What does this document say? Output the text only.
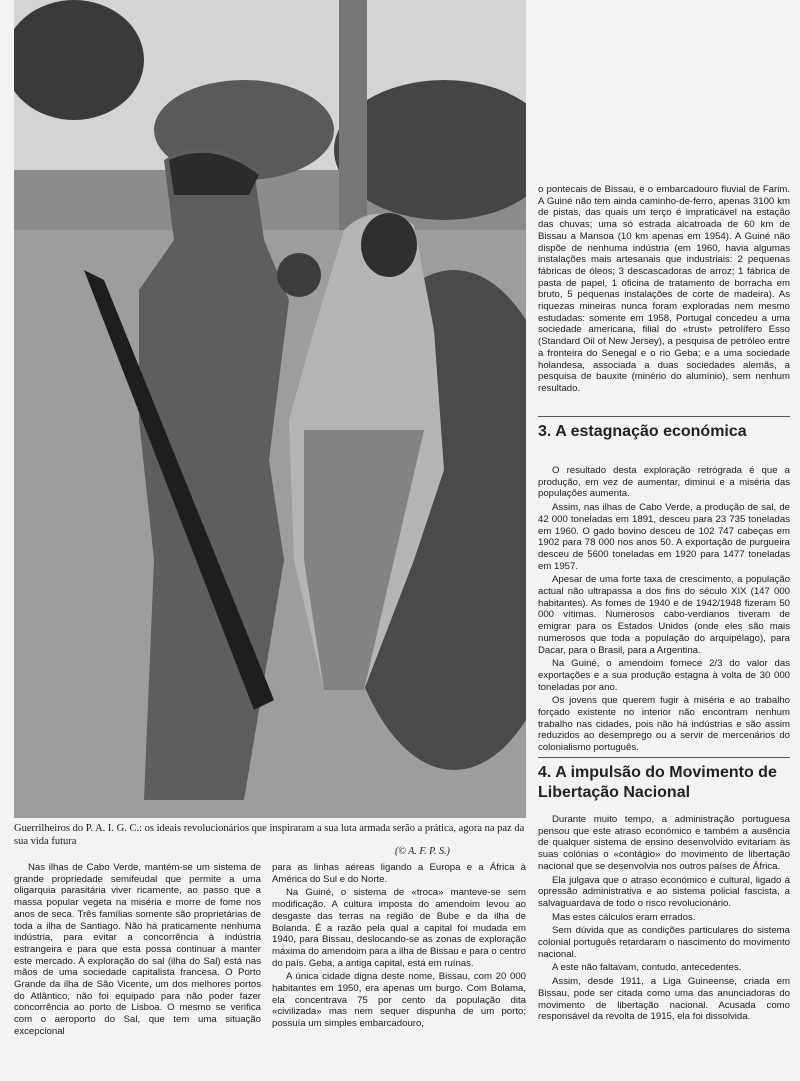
Guerrilheiros do P. A. I. G. C.: os ideais revolucionários que inspiraram a sua luta armada serão a prática, agora na paz da sua vida futura
(© A. F. P. S.)

Nas ilhas de Cabo Verde, mantém-se um sistema de grande propriedade semifeudal que permite a uma oligarquia parasitária viver ricamente, ao passo que a massa popular vegeta na miséria e morre de fome nos anos de seca. Três famílias somente são proprietárias de toda a ilha de Santiago. Não há praticamente nenhuma indústria, para evitar a concorrência à indústria estrangeira e para que esta possa continuar a manter este mercado. A exploração do sal (ilha do Sal) está nas mãos de uma sociedade capitalista francesa. O Porto Grande da ilha de São Vicente, um dos melhores portos do Atlântico, não foi equipado para não poder fazer concorrência ao porto de Lisboa. O mesmo se verifica com o aeroporto do Sal, que tem uma situação excepcional

para as linhas aéreas ligando a Europa e a África à América do Sul e do Norte.

Na Guiné, o sistema de «troca» manteve-se sem modificação. A cultura imposta do amendoim levou ao desgaste das terras na região de Bube e da ilha de Bolanda. É a razão pela qual a capital foi mudada em 1940, para Bissau, deslocando-se as zonas de exploração máxima do amendoim para a ilha de Bissau e para o centro do país. Geba, a antiga capital, está em ruínas.

A única cidade digna deste nome, Bissau, com 20 000 habitantes em 1950, era apenas um burgo. Com Bolama, ela concentrava 75 por cento da população dita «civilizada» mas nem sequer dispunha de um porto; possuía um simples embarcadouro,

o pontecais de Bissau, e o embarcadouro fluvial de Farim. A Guiné não tem ainda caminho-de-ferro, apenas 3100 km de pistas, das quais um terço é impraticável na estação das chuvas; uma só estrada alcatroada de 60 km de Bissau a Mansoa (10 km apenas em 1954). A Guiné não dispõe de nenhuma indústria (em 1960, havia algumas instalações mais artesanais que industriais: 2 pequenas fábricas de óleos; 3 descascadoras de arroz; 1 fábrica de pasta de papel, 1 oficina de tratamento de borracha em bruto, 5 pequenas instalações de corte de madeira). As riquezas mineiras nunca foram exploradas nem mesmo estudadas: somente em 1958, Portugal concedeu a uma sociedade americana, filial do «trust» petrolífero Esso (Standard Oil of New Jersey), a pesquisa de petróleo entre a fronteira do Senegal e o rio Geba; e a uma sociedade holandesa, associada a duas sociedades alemãs, a pesquisa de bauxite (minério do alumínio), sem nenhum resultado.

3. A estagnação económica

O resultado desta exploração retrógrada é que a produção, em vez de aumentar, diminui e a miséria das populações aumenta.

Assim, nas ilhas de Cabo Verde, a produção de sal, de 42 000 toneladas em 1891, desceu para 23 735 toneladas em 1960. O gado bovino desceu de 102 747 cabeças em 1902 para 78 000 nos anos 50. A exportação de purgueira desceu de 5600 toneladas em 1920 para 1477 toneladas em 1957.

Apesar de uma forte taxa de crescimento, a população actual não ultrapassa a dos fins do século XIX (147 000 habitantes). As fomes de 1940 e de 1942/1948 fizeram 50 000 vítimas. Numerosos cabo-verdianos tiveram de emigrar para os Estados Unidos (onde eles são mais numerosos que toda a população do arquipélago), para Dacar, para o Brasil, para a Argentina.

Na Guiné, o amendoim fornece 2/3 do valor das exportações e a sua produção estagna à volta de 30 000 toneladas por ano.

Os jovens que querem fugir à miséria e ao trabalho forçado existente no interior não encontram nenhum trabalho nas cidades, pois não há indústrias e são assim reduzidos ao desemprego ou a servir de mercenários do colonialismo português.

4. A impulsão do Movimento de Libertação Nacional

Durante muito tempo, a administração portuguesa pensou que este atraso económico e também a ausência de qualquer sistema de ensino desenvolvido evitariam às suas colónias o «contágio» do movimento de libertação nacional que se desenvolvia nos outros países de África.

Ela julgava que o atraso económico e cultural, ligado à opressão administrativa e ao sistema policial fascista, a salvaguardava de todo o risco revolucionário.

Mas estes cálculos eram errados.

Sem dúvida que as condições particulares do sistema colonial português retardaram o nascimento do movimento nacional.

A este não faltavam, contudo, antecedentes.

Assim, desde 1911, a Liga Guineense, criada em Bissau, pode ser citada como uma das anunciadoras do movimento de libertação nacional. Acusada como responsável da revolta de 1915, ela foi dissolvida.
